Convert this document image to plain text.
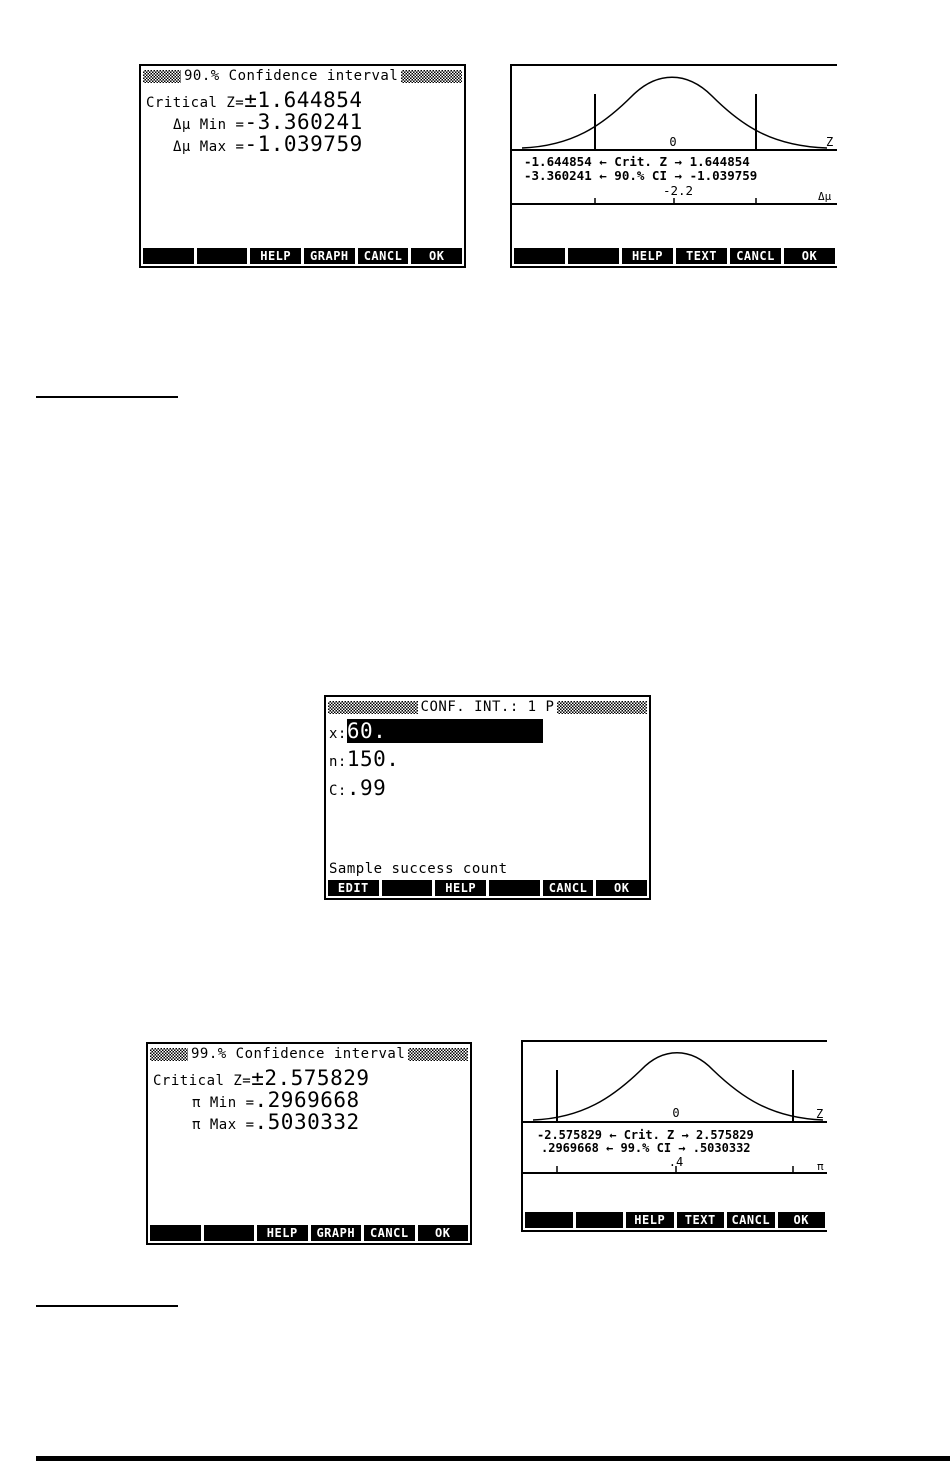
90.% Confidence interval
Critical Z=±1.644854
Δμ Min =-3.360241
Δμ Max =-1.039759
HELP	GRAPH	CANCL	OK
0	Z
-1.644854 ← Crit. Z → 1.644854
-3.360241 ← 90.% CI → -1.039759
-2.2	Δμ
HELP	TEXT	CANCL	OK
CONF. INT.: 1 P
x:60.
n:150.
C:.99
Sample success count
EDIT	HELP	CANCL	OK
99.% Confidence interval
Critical Z=±2.575829
π Min =.2969668
π Max =.5030332
HELP	GRAPH	CANCL	OK
0	Z
-2.575829 ← Crit. Z → 2.575829
.2969668 ← 99.% CI → .5030332
.4	π
HELP	TEXT	CANCL	OK
